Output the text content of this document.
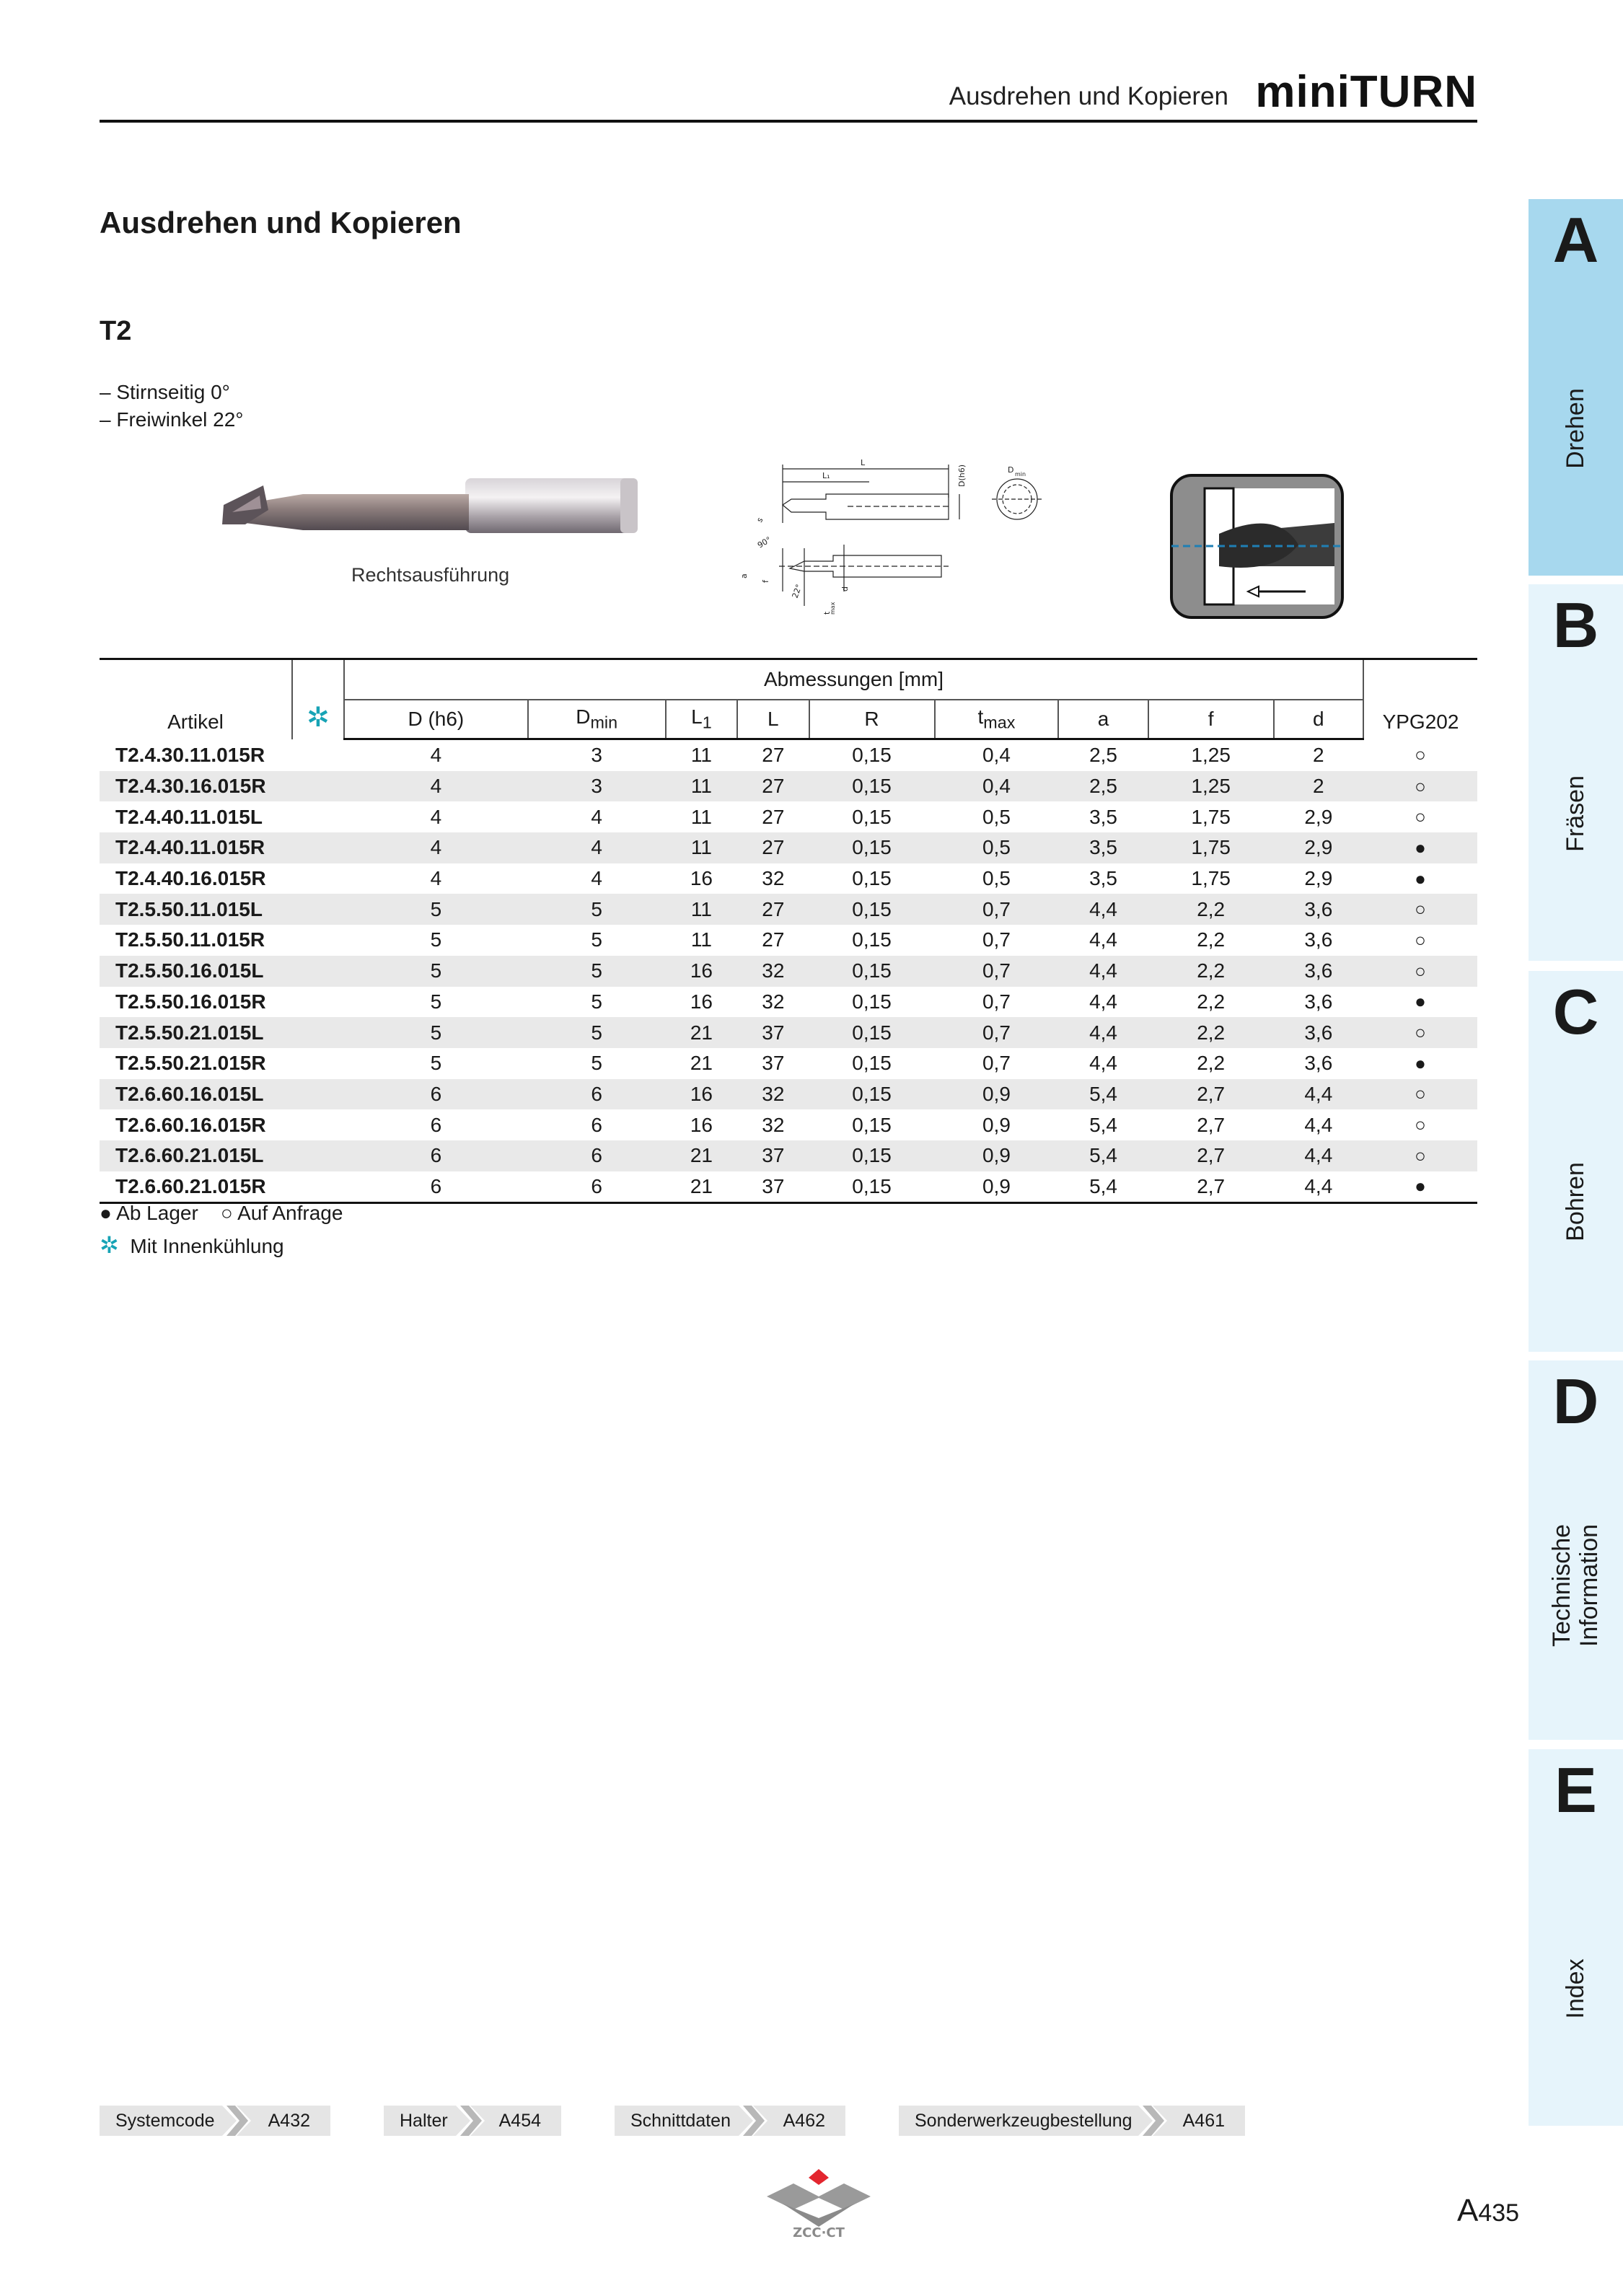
Ausdrehen und Kopieren miniTURN
Ausdrehen und Kopieren
T2
– Stirnseitig 0°
– Freiwinkel 22°
Rechtsausführung
L
L₁	D(h6)	D min
s
90°
a
f
22°	d
t
max
Artikel	✲	Abmessungen [mm]									YPG202
		D (h6)	$D_{min}$	$L_1$	L	R	$t_{max}$	a	f	d	
T2.4.30.11.015R		4	3	11	27	0,15	0,4	2,5	1,25	2	○
T2.4.30.16.015R		4	3	11	27	0,15	0,4	2,5	1,25	2	○
T2.4.40.11.015L		4	4	11	27	0,15	0,5	3,5	1,75	2,9	○
T2.4.40.11.015R		4	4	11	27	0,15	0,5	3,5	1,75	2,9	●
T2.4.40.16.015R		4	4	16	32	0,15	0,5	3,5	1,75	2,9	●
T2.5.50.11.015L		5	5	11	27	0,15	0,7	4,4	2,2	3,6	○
T2.5.50.11.015R		5	5	11	27	0,15	0,7	4,4	2,2	3,6	○
T2.5.50.16.015L		5	5	16	32	0,15	0,7	4,4	2,2	3,6	○
T2.5.50.16.015R		5	5	16	32	0,15	0,7	4,4	2,2	3,6	●
T2.5.50.21.015L		5	5	21	37	0,15	0,7	4,4	2,2	3,6	○
T2.5.50.21.015R		5	5	21	37	0,15	0,7	4,4	2,2	3,6	●
T2.6.60.16.015L		6	6	16	32	0,15	0,9	5,4	2,7	4,4	○
T2.6.60.16.015R		6	6	16	32	0,15	0,9	5,4	2,7	4,4	○
T2.6.60.21.015L		6	6	21	37	0,15	0,9	5,4	2,7	4,4	○
T2.6.60.21.015R		6	6	21	37	0,15	0,9	5,4	2,7	4,4	●
● Ab Lager ○ Auf Anfrage
✲ Mit Innenkühlung
A
Drehen
B
Fräsen
C
Bohren
D
Technische
Information
E
Index
Systemcode	A432	Halter	A454	Schnittdaten	A462	Sonderwerkzeugbestellung	A461
ZCC·CT
A435
